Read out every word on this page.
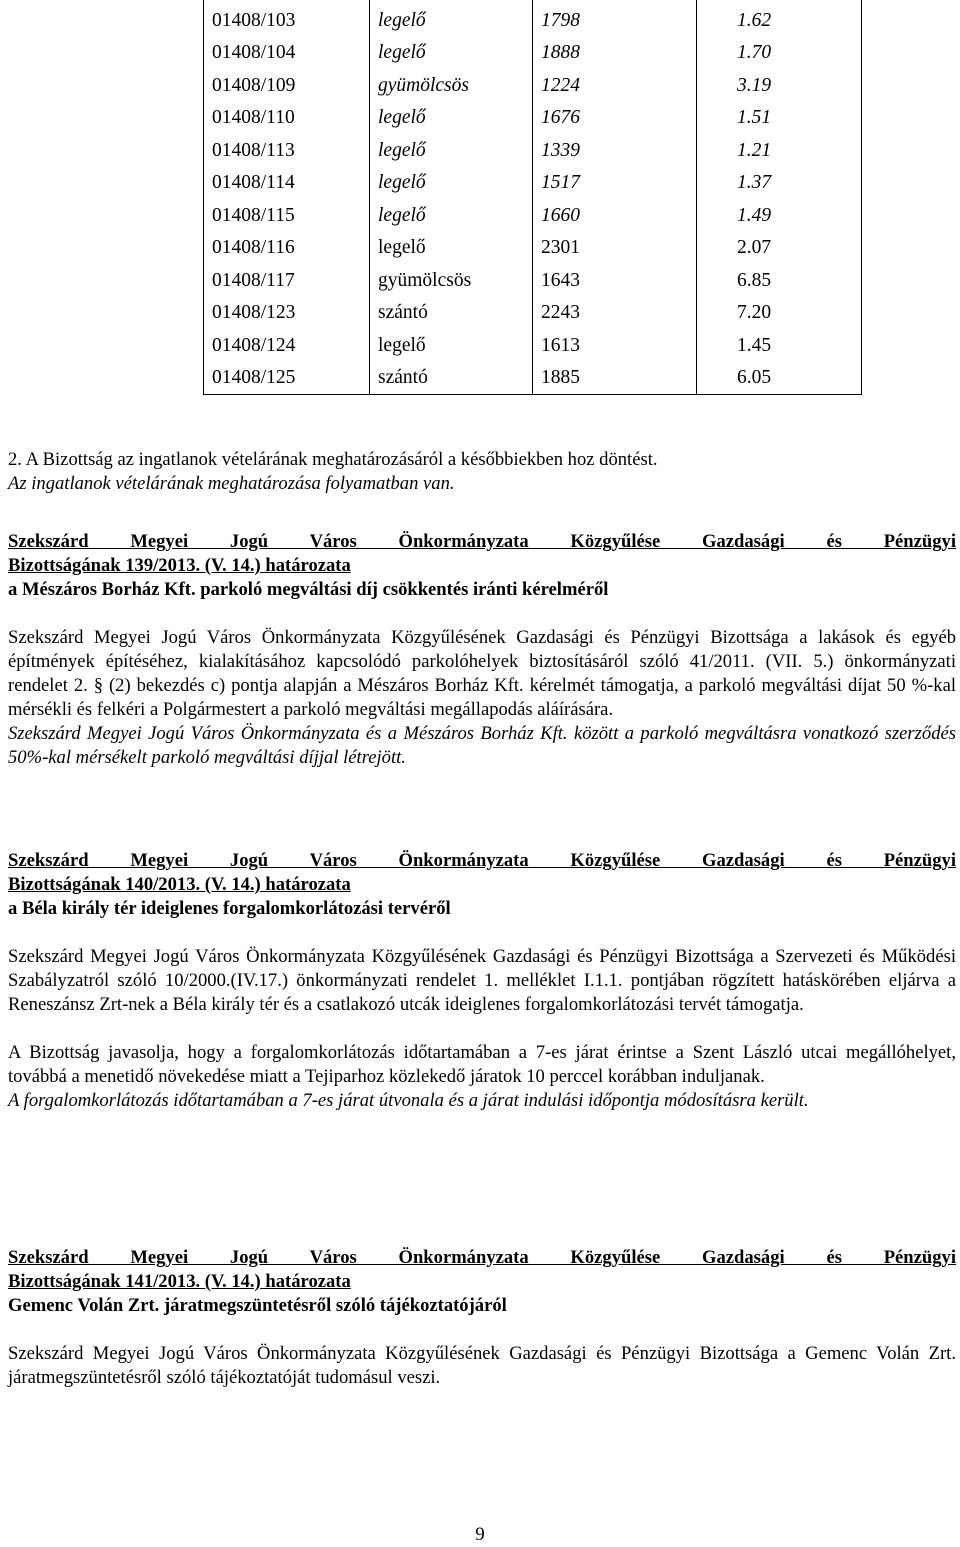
01408/103	legelő	1798	1.62
01408/104	legelő	1888	1.70
01408/109	gyümölcsös	1224	3.19
01408/110	legelő	1676	1.51
01408/113	legelő	1339	1.21
01408/114	legelő	1517	1.37
01408/115	legelő	1660	1.49
01408/116	legelő	2301	2.07
01408/117	gyümölcsös	1643	6.85
01408/123	szántó	2243	7.20
01408/124	legelő	1613	1.45
01408/125	szántó	1885	6.05

2. A Bizottság az ingatlanok vételárának meghatározásáról a későbbiekben hoz döntést.

Az ingatlanok vételárának meghatározása folyamatban van.

Szekszárd Megyei Jogú Város Önkormányzata Közgyűlése Gazdasági és Pénzügyi

Bizottságának 139/2013. (V. 14.) határozata

a Mészáros Borház Kft. parkoló megváltási díj csökkentés iránti kérelméről

Szekszárd Megyei Jogú Város Önkormányzata Közgyűlésének Gazdasági és Pénzügyi Bizottsága a lakások és egyéb építmények építéséhez, kialakításához kapcsolódó parkolóhelyek biztosításáról szóló 41/2011. (VII. 5.) önkormányzati rendelet 2. § (2) bekezdés c) pontja alapján a Mészáros Borház Kft. kérelmét támogatja, a parkoló megváltási díjat 50 %-kal mérsékli és felkéri a Polgármestert a parkoló megváltási megállapodás aláírására.

Szekszárd Megyei Jogú Város Önkormányzata és a Mészáros Borház Kft. között a parkoló megváltásra vonatkozó szerződés 50%-kal mérsékelt parkoló megváltási díjjal létrejött.

Szekszárd Megyei Jogú Város Önkormányzata Közgyűlése Gazdasági és Pénzügyi

Bizottságának 140/2013. (V. 14.) határozata

a Béla király tér ideiglenes forgalomkorlátozási tervéről

Szekszárd Megyei Jogú Város Önkormányzata Közgyűlésének Gazdasági és Pénzügyi Bizottsága a Szervezeti és Működési Szabályzatról szóló 10/2000.(IV.17.) önkormányzati rendelet 1. melléklet I.1.1. pontjában rögzített hatáskörében eljárva a Reneszánsz Zrt-nek a Béla király tér és a csatlakozó utcák ideiglenes forgalomkorlátozási tervét támogatja.

A Bizottság javasolja, hogy a forgalomkorlátozás időtartamában a 7-es járat érintse a Szent László utcai megállóhelyet, továbbá a menetidő növekedése miatt a Tejiparhoz közlekedő járatok 10 perccel korábban induljanak.

A forgalomkorlátozás időtartamában a 7-es járat útvonala és a járat indulási időpontja módosításra került.

Szekszárd Megyei Jogú Város Önkormányzata Közgyűlése Gazdasági és Pénzügyi

Bizottságának 141/2013. (V. 14.) határozata

Gemenc Volán Zrt. járatmegszüntetésről szóló tájékoztatójáról

Szekszárd Megyei Jogú Város Önkormányzata Közgyűlésének Gazdasági és Pénzügyi Bizottsága a Gemenc Volán Zrt. járatmegszüntetésről szóló tájékoztatóját tudomásul veszi.

9
